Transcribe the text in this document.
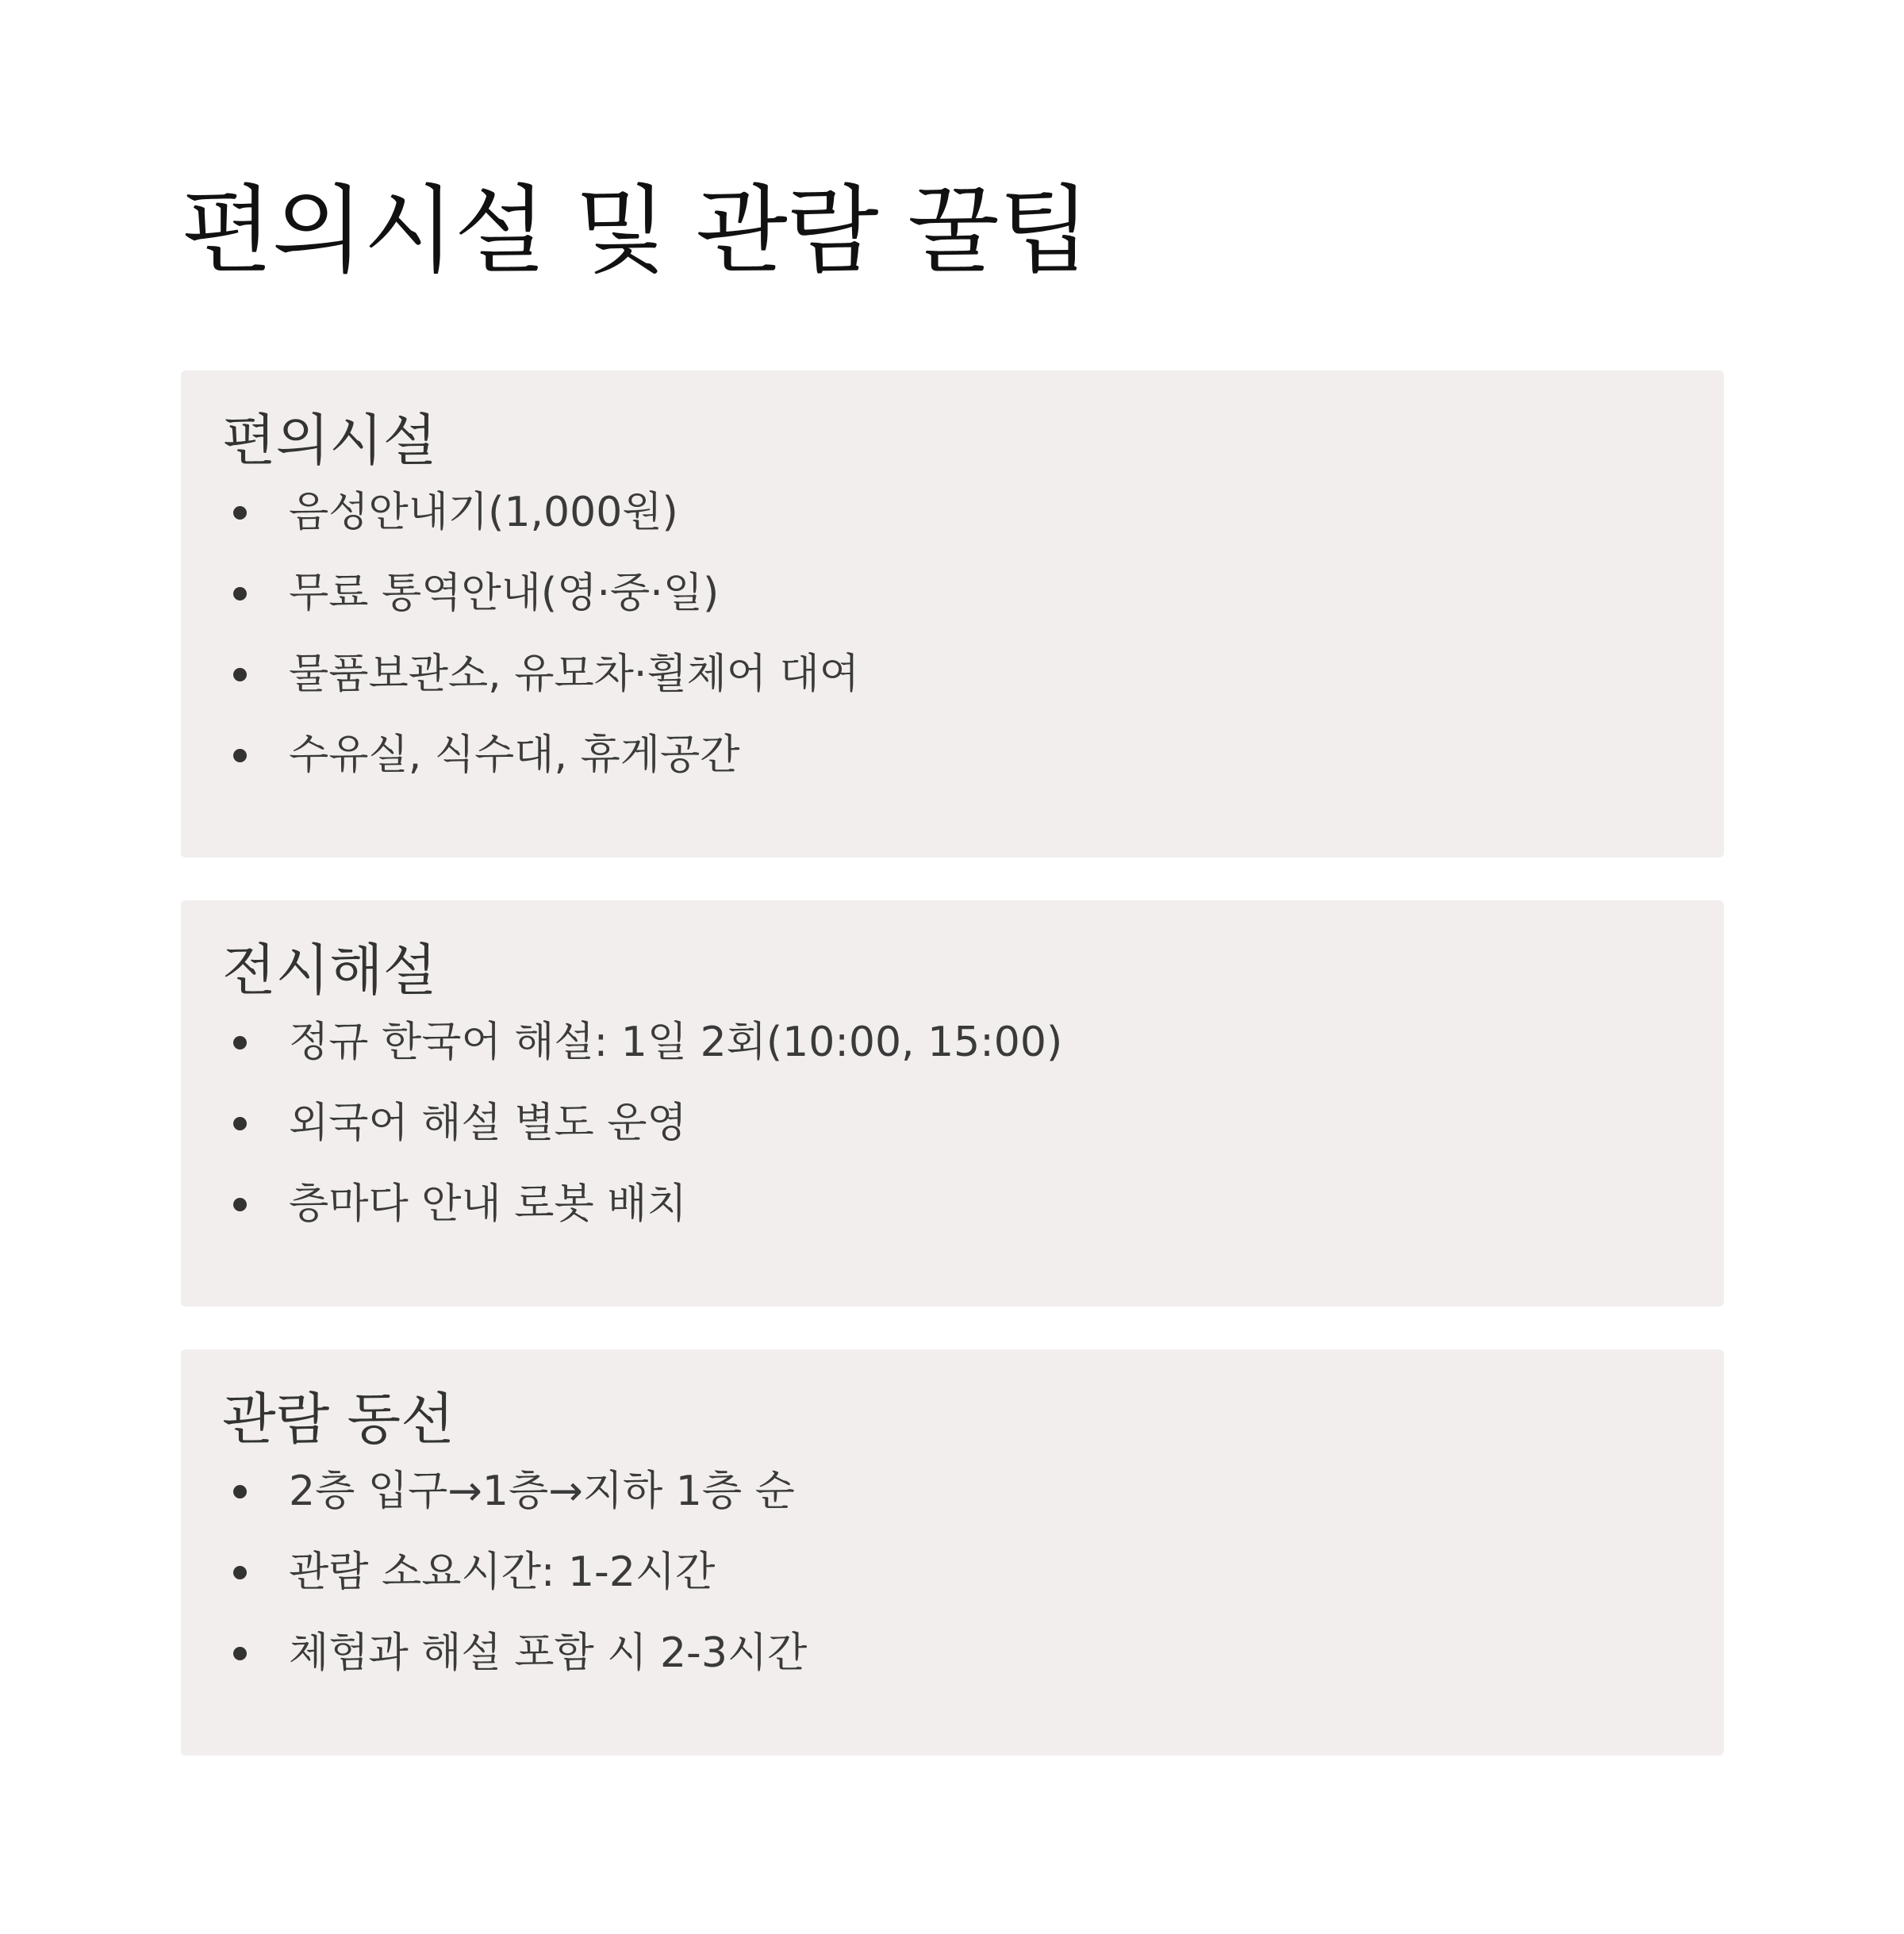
편의시설 및 관람 꿀팁
편의시설
음성안내기(1,000원)
무료 통역안내(영·중·일)
물품보관소, 유모차·휠체어 대여
수유실, 식수대, 휴게공간
전시해설
정규 한국어 해설: 1일 2회(10:00, 15:00)
외국어 해설 별도 운영
층마다 안내 로봇 배치
관람 동선
2층 입구→1층→지하 1층 순
관람 소요시간: 1-2시간
체험과 해설 포함 시 2-3시간
